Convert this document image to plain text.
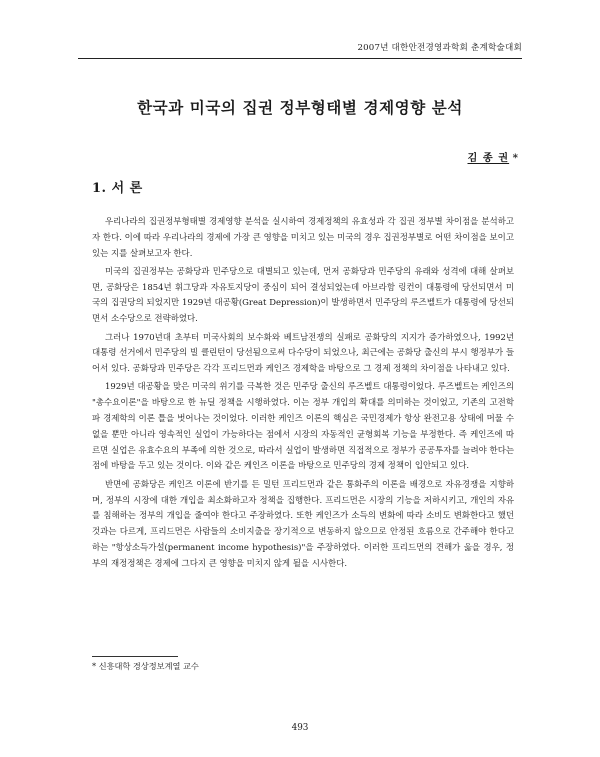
2007년 대한안전경영과학회 춘계학술대회
한국과 미국의 집권 정부형태별 경제영향 분석
김 종 권 *
1. 서 론

우리나라의 집권정부형태별 경제영향 분석을 실시하여 경제정책의 유효성과 각 집권 정부별 차이점을 분석하고자 한다. 이에 따라 우리나라의 경제에 가장 큰 영향을 미치고 있는 미국의 경우 집권정부별로 어떤 차이점을 보이고 있는 지를 살펴보고자 한다.

미국의 집권정부는 공화당과 민주당으로 대별되고 있는데, 먼저 공화당과 민주당의 유래와 성격에 대해 살펴보면, 공화당은 1854년 휘그당과 자유토지당이 중심이 되어 결성되었는데 아브라함 링컨이 대통령에 당선되면서 미국의 집권당의 되었지만 1929년 대공황(Great Depression)이 발생하면서 민주당의 루즈벨트가 대통령에 당선되면서 소수당으로 전략하였다.

그러나 1970년대 초부터 미국사회의 보수화와 베트남전쟁의 실패로 공화당의 지지가 증가하였으나, 1992년 대통령 선거에서 민주당의 빌 클린턴이 당선됨으로써 다수당이 되었으나, 최근에는 공화당 출신의 부시 행정부가 들어서 있다. 공화당과 민주당은 각각 프리드먼과 케인즈 경제학을 바탕으로 그 경제 정책의 차이점을 나타내고 있다.

1929년 대공황을 맞은 미국의 위기를 극복한 것은 민주당 출신의 루즈벨트 대통령이었다. 루즈벨트는 케인즈의 "총수요이론"을 바탕으로 한 뉴딜 정책을 시행하였다. 이는 정부 개입의 확대를 의미하는 것이었고, 기존의 고전학파 경제학의 이론 틀을 벗어나는 것이었다. 이러한 케인즈 이론의 핵심은 국민경제가 항상 완전고용 상태에 머물 수 없을 뿐만 아니라 영속적인 실업이 가능하다는 점에서 시장의 자동적인 균형회복 기능을 부정한다. 즉 케인즈에 따르면 실업은 유효수요의 부족에 의한 것으로, 따라서 실업이 발생하면 직접적으로 정부가 공공투자를 늘려야 한다는 점에 바탕을 두고 있는 것이다. 이와 같은 케인즈 이론을 바탕으로 민주당의 경제 정책이 입안되고 있다.

반면에 공화당은 케인즈 이론에 반기를 든 밀턴 프리드먼과 같은 통화주의 이론을 배경으로 자유경쟁을 지향하며, 정부의 시장에 대한 개입을 최소화하고자 정책을 집행한다. 프리드먼은 시장의 기능을 저하시키고, 개인의 자유를 침해하는 정부의 개입을 줄여야 한다고 주장하였다. 또한 케인즈가 소득의 변화에 따라 소비도 변화한다고 했던 것과는 다르게, 프리드먼은 사람들의 소비지출을 장기적으로 변동하지 않으므로 안정된 흐름으로 간주해야 한다고 하는 "항상소득가설(permanent income hypothesis)"을 주장하였다. 이러한 프리드먼의 견해가 옳을 경우, 정부의 재정정책은 경제에 그다지 큰 영향을 미치지 않게 될을 시사한다.

* 신흥대학 경상정보계열 교수
493
